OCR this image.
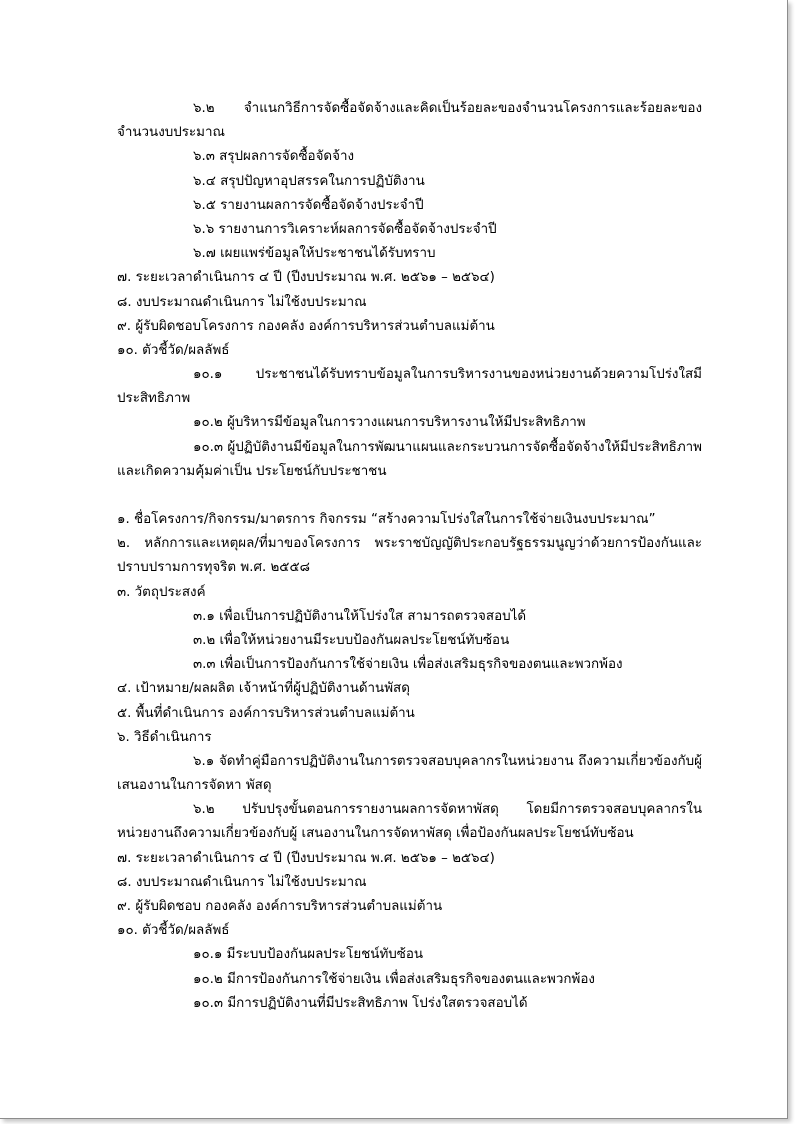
๖.๒ จำแนกวิธีการจัดซื้อจัดจ้างและคิดเป็นร้อยละของจำนวนโครงการและร้อยละของ
จำนวนงบประมาณ
๖.๓ สรุปผลการจัดซื้อจัดจ้าง
๖.๔ สรุปปัญหาอุปสรรคในการปฏิบัติงาน
๖.๕ รายงานผลการจัดซื้อจัดจ้างประจำปี
๖.๖ รายงานการวิเคราะห์ผลการจัดซื้อจัดจ้างประจำปี
๖.๗ เผยแพร่ข้อมูลให้ประชาชนได้รับทราบ
๗. ระยะเวลาดำเนินการ ๔ ปี (ปีงบประมาณ พ.ศ. ๒๕๖๑ – ๒๕๖๔)
๘. งบประมาณดำเนินการ ไม่ใช้งบประมาณ
๙. ผู้รับผิดชอบโครงการ กองคลัง องค์การบริหารส่วนตำบลแม่ต้าน
๑๐. ตัวชี้วัด/ผลลัพธ์
๑๐.๑ ประชาชนได้รับทราบข้อมูลในการบริหารงานของหน่วยงานด้วยความโปร่งใสมี
ประสิทธิภาพ
๑๐.๒ ผู้บริหารมีข้อมูลในการวางแผนการบริหารงานให้มีประสิทธิภาพ
๑๐.๓ ผู้ปฏิบัติงานมีข้อมูลในการพัฒนาแผนและกระบวนการจัดซื้อจัดจ้างให้มีประสิทธิภาพ
และเกิดความคุ้มค่าเป็น ประโยชน์กับประชาชน
๑. ชื่อโครงการ/กิจกรรม/มาตรการ กิจกรรม “สร้างความโปร่งใสในการใช้จ่ายเงินงบประมาณ”
๒. หลักการและเหตุผล/ที่มาของโครงการ พระราชบัญญัติประกอบรัฐธรรมนูญว่าด้วยการป้องกันและ
ปราบปรามการทุจริต พ.ศ. ๒๕๕๘
๓. วัตถุประสงค์
๓.๑ เพื่อเป็นการปฏิบัติงานให้โปร่งใส สามารถตรวจสอบได้
๓.๒ เพื่อให้หน่วยงานมีระบบป้องกันผลประโยชน์ทับซ้อน
๓.๓ เพื่อเป็นการป้องกันการใช้จ่ายเงิน เพื่อส่งเสริมธุรกิจของตนและพวกพ้อง
๔. เป้าหมาย/ผลผลิต เจ้าหน้าที่ผู้ปฏิบัติงานด้านพัสดุ
๕. พื้นที่ดำเนินการ องค์การบริหารส่วนตำบลแม่ต้าน
๖. วิธีดำเนินการ
๖.๑ จัดทำคู่มือการปฏิบัติงานในการตรวจสอบบุคลากรในหน่วยงาน ถึงความเกี่ยวข้องกับผู้
เสนองานในการจัดหา พัสดุ
๖.๒ ปรับปรุงขั้นตอนการรายงานผลการจัดหาพัสดุ โดยมีการตรวจสอบบุคลากรใน
หน่วยงานถึงความเกี่ยวข้องกับผู้ เสนองานในการจัดหาพัสดุ เพื่อป้องกันผลประโยชน์ทับซ้อน
๗. ระยะเวลาดำเนินการ ๔ ปี (ปีงบประมาณ พ.ศ. ๒๕๖๑ – ๒๕๖๔)
๘. งบประมาณดำเนินการ ไม่ใช้งบประมาณ
๙. ผู้รับผิดชอบ กองคลัง องค์การบริหารส่วนตำบลแม่ต้าน
๑๐. ตัวชี้วัด/ผลลัพธ์
๑๐.๑ มีระบบป้องกันผลประโยชน์ทับซ้อน
๑๐.๒ มีการป้องกันการใช้จ่ายเงิน เพื่อส่งเสริมธุรกิจของตนและพวกพ้อง
๑๐.๓ มีการปฏิบัติงานที่มีประสิทธิภาพ โปร่งใสตรวจสอบได้
